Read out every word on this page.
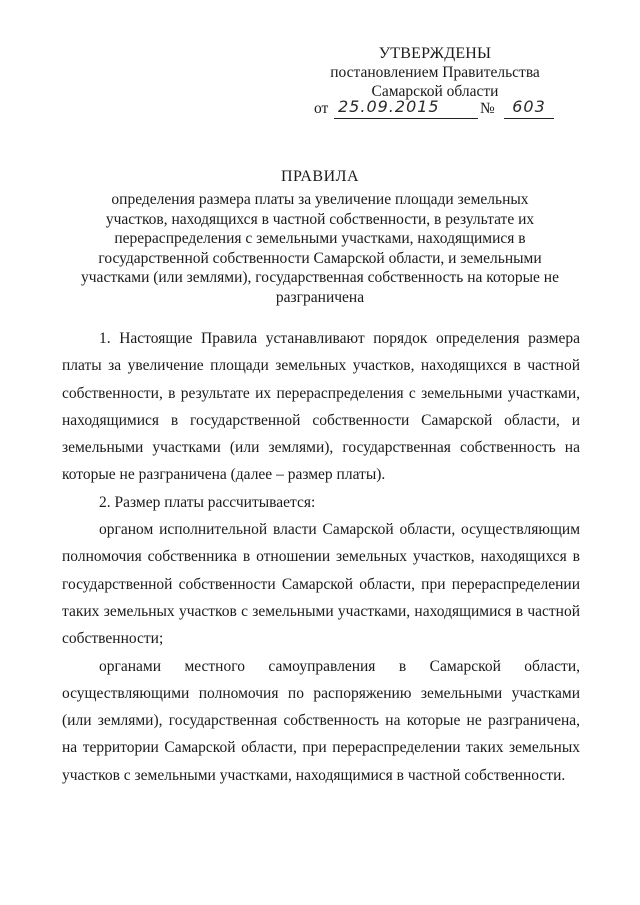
УТВЕРЖДЕНЫ
постановлением Правительства
Самарской области
от 25.09.2015	№	603
ПРАВИЛА
определения размера платы за увеличение площади земельных участков, находящихся в частной собственности, в результате их перераспределения с земельными участками, находящимися в государственной собственности Самарской области, и земельными участками (или землями), государственная собственность на которые не разграничена

1. Настоящие Правила устанавливают порядок определения размера платы за увеличение площади земельных участков, находящихся в частной собственности, в результате их перераспределения с земельными участками, находящимися в государственной собственности Самарской области, и земельными участками (или землями), государственная собственность на которые не разграничена (далее – размер платы).

2. Размер платы рассчитывается:

органом исполнительной власти Самарской области, осуществляющим полномочия собственника в отношении земельных участков, находящихся в государственной собственности Самарской области, при перераспределении таких земельных участков с земельными участками, находящимися в частной собственности;

органами местного самоуправления в Самарской области, осуществляющими полномочия по распоряжению земельными участками (или землями), государственная собственность на которые не разграничена, на территории Самарской области, при перераспределении таких земельных участков с земельными участками, находящимися в частной собственности.
